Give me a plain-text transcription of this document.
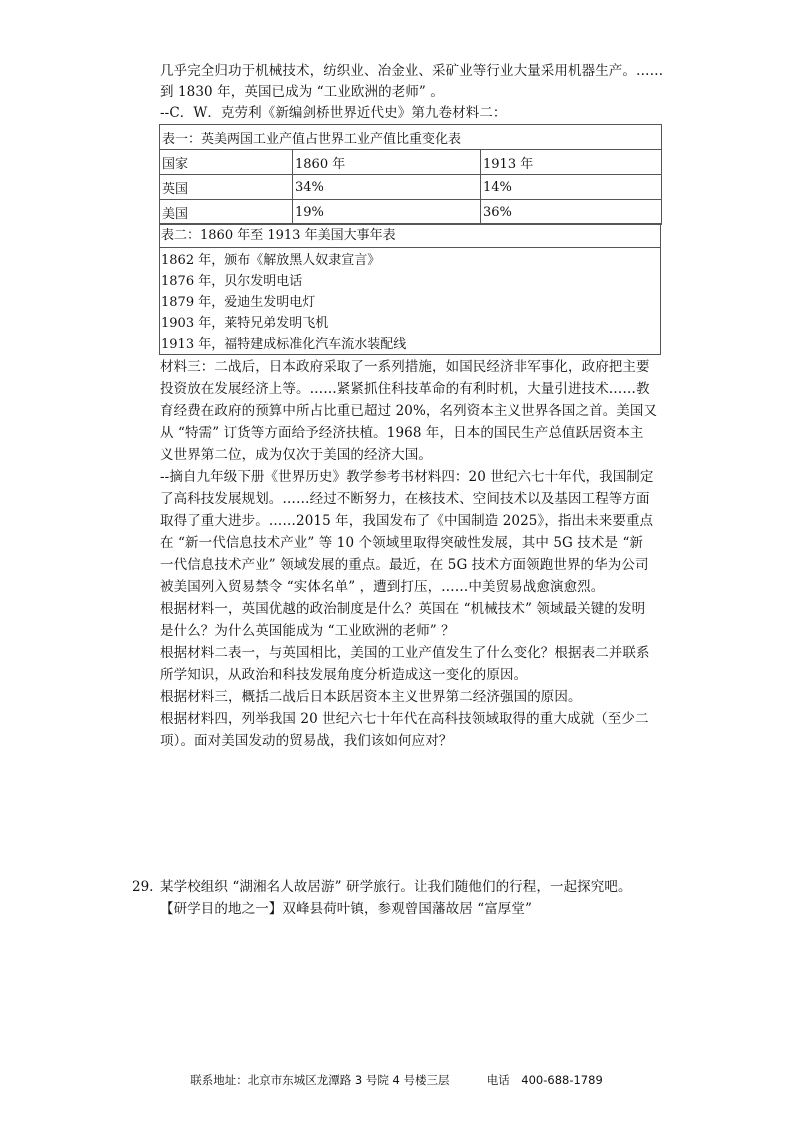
几乎完全归功于机械技术，纺织业、冶金业、采矿业等行业大量采用机器生产。……
到 1830 年，英国已成为 “工业欧洲的老师” 。
--C．W．克劳利《新编剑桥世界近代史》第九卷材料二：
表一：英美两国工业产值占世界工业产值比重变化表		
国家	1860 年	1913 年
英国	34%	14%
美国	19%	36%
表二：1860 年至 1913 年美国大事年表
1862 年，颁布《解放黑人奴隶宣言》
1876 年，贝尔发明电话
1879 年，爱迪生发明电灯
1903 年，莱特兄弟发明飞机
1913 年，福特建成标准化汽车流水装配线
材料三：二战后，日本政府采取了一系列措施，如国民经济非军事化，政府把主要
投资放在发展经济上等。……紧紧抓住科技革命的有利时机，大量引进技术……教
育经费在政府的预算中所占比重已超过 20%，名列资本主义世界各国之首。美国又
从 “特需” 订货等方面给予经济扶植。1968 年，日本的国民生产总值跃居资本主
义世界第二位，成为仅次于美国的经济大国。
--摘自九年级下册《世界历史》教学参考书材料四：20 世纪六七十年代，我国制定
了高科技发展规划。……经过不断努力，在核技术、空间技术以及基因工程等方面
取得了重大进步。……2015 年，我国发布了《中国制造 2025》，指出未来要重点
在 “新一代信息技术产业” 等 10 个领域里取得突破性发展，其中 5G 技术是 “新
一代信息技术产业” 领域发展的重点。最近，在 5G 技术方面领跑世界的华为公司
被美国列入贸易禁令 “实体名单” ，遭到打压，……中美贸易战愈演愈烈。
根据材料一，英国优越的政治制度是什么？英国在 “机械技术” 领域最关键的发明
是什么？为什么英国能成为 “工业欧洲的老师” ？
根据材料二表一，与英国相比，美国的工业产值发生了什么变化？根据表二并联系
所学知识，从政治和科技发展角度分析造成这一变化的原因。
根据材料三，概括二战后日本跃居资本主义世界第二经济强国的原因。
根据材料四，列举我国 20 世纪六七十年代在高科技领域取得的重大成就（至少二
项）。面对美国发动的贸易战，我们该如何应对？
29. 某学校组织 “湖湘名人故居游” 研学旅行。让我们随他们的行程，一起探究吧。
【研学目的地之一】双峰县荷叶镇，参观曾国藩故居 “富厚堂”
联系地址：北京市东城区龙潭路 3 号院 4 号楼三层	电话　400-688-1789
